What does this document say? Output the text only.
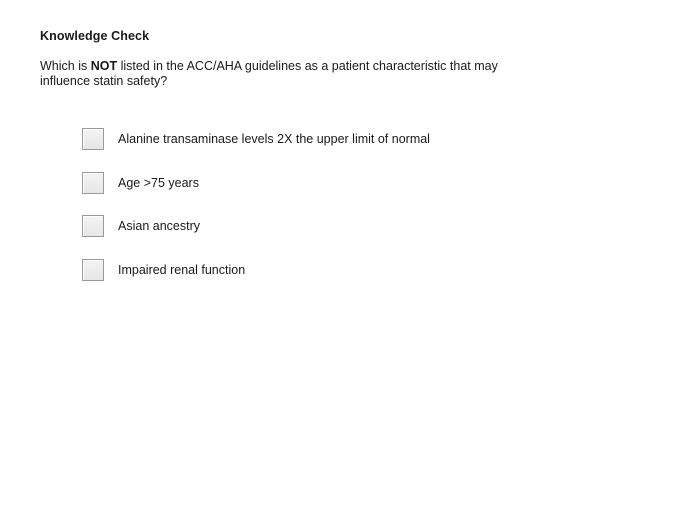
Knowledge Check
Which is NOT listed in the ACC/AHA guidelines as a patient characteristic that may influence statin safety?
Alanine transaminase levels 2X the upper limit of normal
Age >75 years
Asian ancestry
Impaired renal function
